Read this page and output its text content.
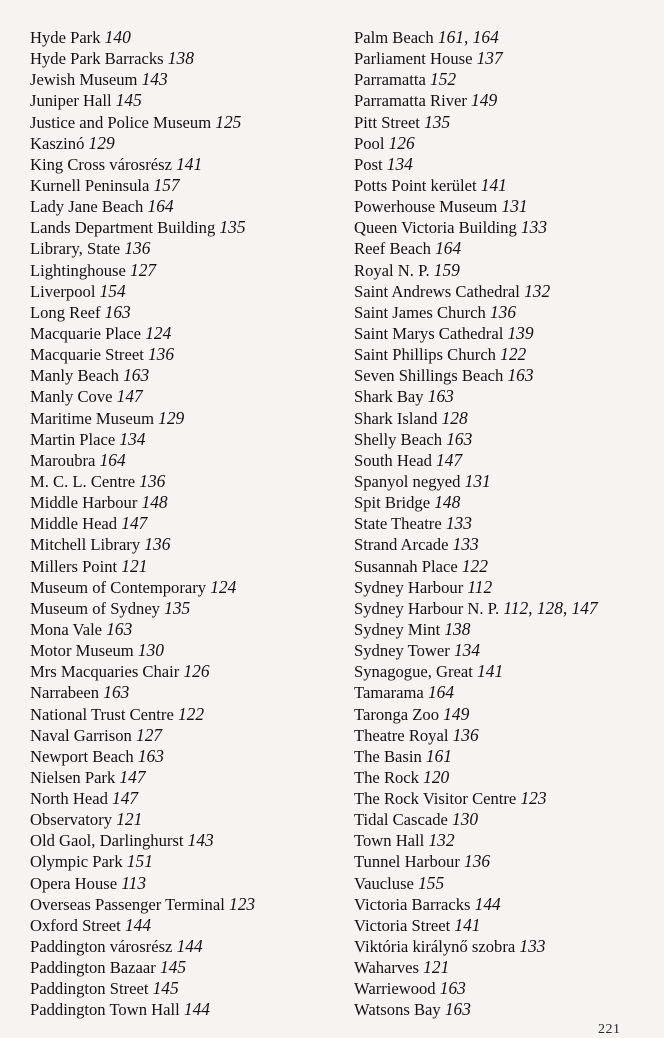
Hyde Park 140
Hyde Park Barracks 138
Jewish Museum 143
Juniper Hall 145
Justice and Police Museum 125
Kaszinó 129
King Cross városrész 141
Kurnell Peninsula 157
Lady Jane Beach 164
Lands Department Building 135
Library, State 136
Lightinghouse 127
Liverpool 154
Long Reef 163
Macquarie Place 124
Macquarie Street 136
Manly Beach 163
Manly Cove 147
Maritime Museum 129
Martin Place 134
Maroubra 164
M. C. L. Centre 136
Middle Harbour 148
Middle Head 147
Mitchell Library 136
Millers Point 121
Museum of Contemporary 124
Museum of Sydney 135
Mona Vale 163
Motor Museum 130
Mrs Macquaries Chair 126
Narrabeen 163
National Trust Centre 122
Naval Garrison 127
Newport Beach 163
Nielsen Park 147
North Head 147
Observatory 121
Old Gaol, Darlinghurst 143
Olympic Park 151
Opera House 113
Overseas Passenger Terminal 123
Oxford Street 144
Paddington városrész 144
Paddington Bazaar 145
Paddington Street 145
Paddington Town Hall 144
Palm Beach 161, 164
Parliament House 137
Parramatta 152
Parramatta River 149
Pitt Street 135
Pool 126
Post 134
Potts Point kerület 141
Powerhouse Museum 131
Queen Victoria Building 133
Reef Beach 164
Royal N. P. 159
Saint Andrews Cathedral 132
Saint James Church 136
Saint Marys Cathedral 139
Saint Phillips Church 122
Seven Shillings Beach 163
Shark Bay 163
Shark Island 128
Shelly Beach 163
South Head 147
Spanyol negyed 131
Spit Bridge 148
State Theatre 133
Strand Arcade 133
Susannah Place 122
Sydney Harbour 112
Sydney Harbour N. P. 112, 128, 147
Sydney Mint 138
Sydney Tower 134
Synagogue, Great 141
Tamarama 164
Taronga Zoo 149
Theatre Royal 136
The Basin 161
The Rock 120
The Rock Visitor Centre 123
Tidal Cascade 130
Town Hall 132
Tunnel Harbour 136
Vaucluse 155
Victoria Barracks 144
Victoria Street 141
Viktória királynő szobra 133
Waharves 121
Warriewood 163
Watsons Bay 163
221
